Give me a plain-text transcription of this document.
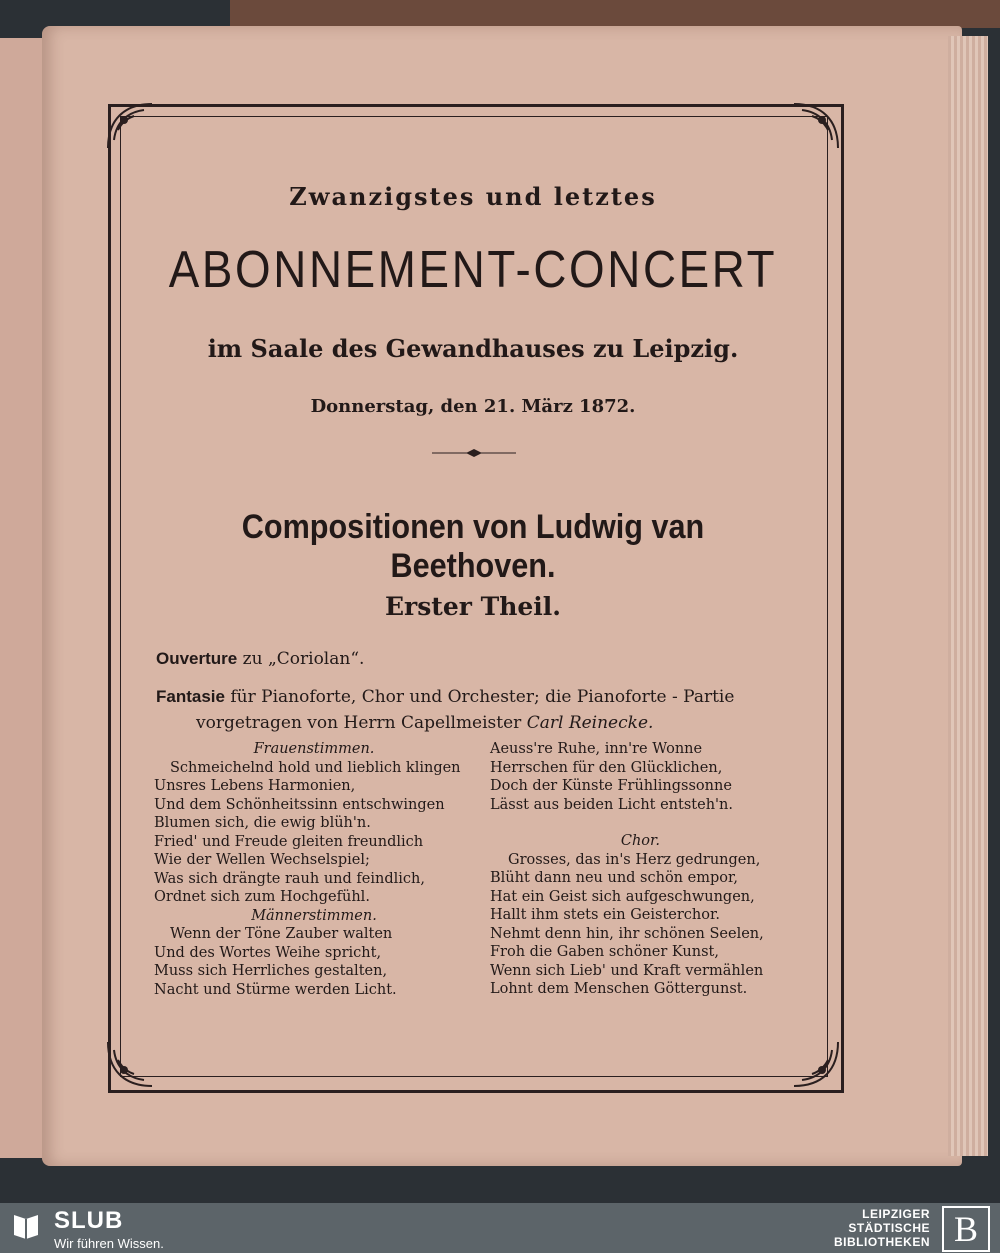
Zwanzigstes und letztes
ABONNEMENT-CONCERT
im Saale des Gewandhauses zu Leipzig.
Donnerstag, den 21. März 1872.
Compositionen von Ludwig van Beethoven.
Erster Theil.
Ouverture zu „Coriolan“.
Fantasie für Pianoforte, Chor und Orchester; die Pianoforte - Partie
vorgetragen von Herrn Capellmeister Carl Reinecke.
Frauenstimmen.
Schmeichelnd hold und lieblich klingen
Unsres Lebens Harmonien,
Und dem Schönheitssinn entschwingen
Blumen sich, die ewig blüh'n.
Fried' und Freude gleiten freundlich
Wie der Wellen Wechselspiel;
Was sich drängte rauh und feindlich,
Ordnet sich zum Hochgefühl.
Männerstimmen.
Wenn der Töne Zauber walten
Und des Wortes Weihe spricht,
Muss sich Herrliches gestalten,
Nacht und Stürme werden Licht.
Aeuss're Ruhe, inn're Wonne
Herrschen für den Glücklichen,
Doch der Künste Frühlingssonne
Lässt aus beiden Licht entsteh'n.
Chor.
Grosses, das in's Herz gedrungen,
Blüht dann neu und schön empor,
Hat ein Geist sich aufgeschwungen,
Hallt ihm stets ein Geisterchor.
Nehmt denn hin, ihr schönen Seelen,
Froh die Gaben schöner Kunst,
Wenn sich Lieb' und Kraft vermählen
Lohnt dem Menschen Göttergunst.
SLUB
Wir führen Wissen.
LEIPZIGER
STÄDTISCHE
BIBLIOTHEKEN B
